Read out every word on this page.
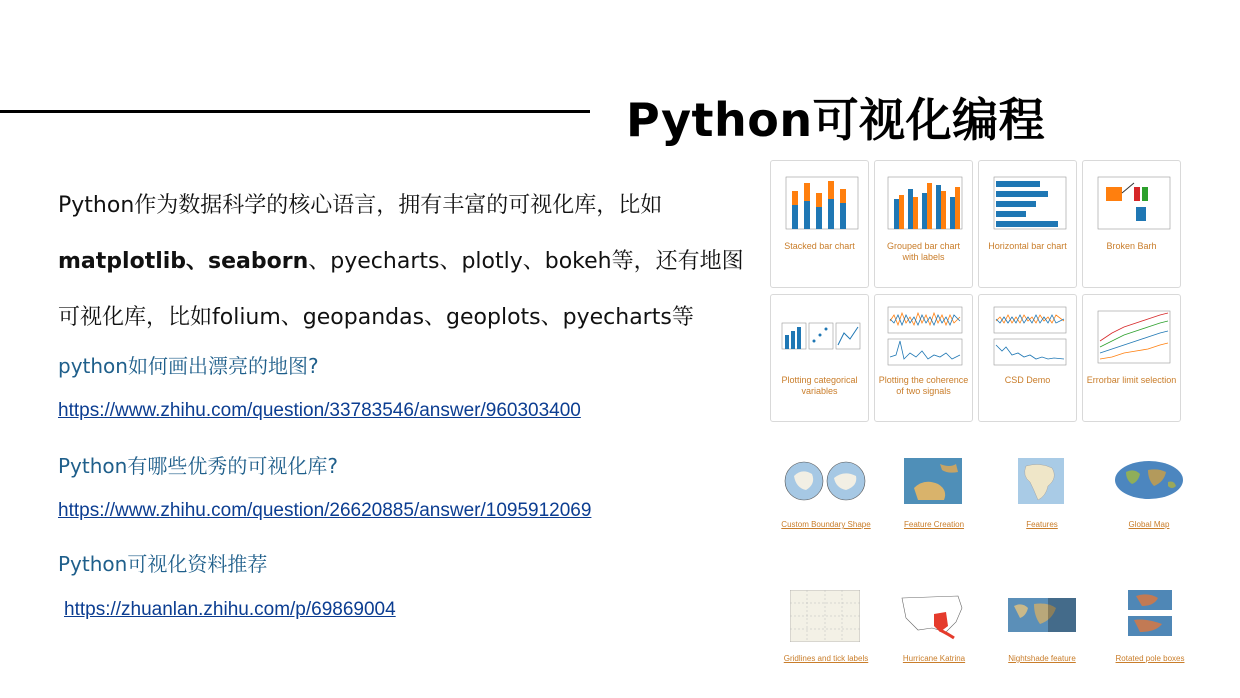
Python可视化编程
Python作为数据科学的核心语言，拥有丰富的可视化库，比如
matplotlib、seaborn、pyecharts、plotly、bokeh等，还有地图
可视化库，比如folium、geopandas、geoplots、pyecharts等
python如何画出漂亮的地图?
https://www.zhihu.com/question/33783546/answer/960303400
Python有哪些优秀的可视化库?
https://www.zhihu.com/question/26620885/answer/1095912069
Python可视化资料推荐
https://zhuanlan.zhihu.com/p/69869004
Stacked bar chart	Grouped bar chart with labels
Horizontal bar chart	Broken Barh
Plotting categorical variables
Plotting the coherence of two signals
CSD Demo	Errorbar limit selection
Custom Boundary Shape	Feature Creation	Features	Global Map
Gridlines and tick labels	Hurricane Katrina	Nightshade feature	Rotated pole boxes
